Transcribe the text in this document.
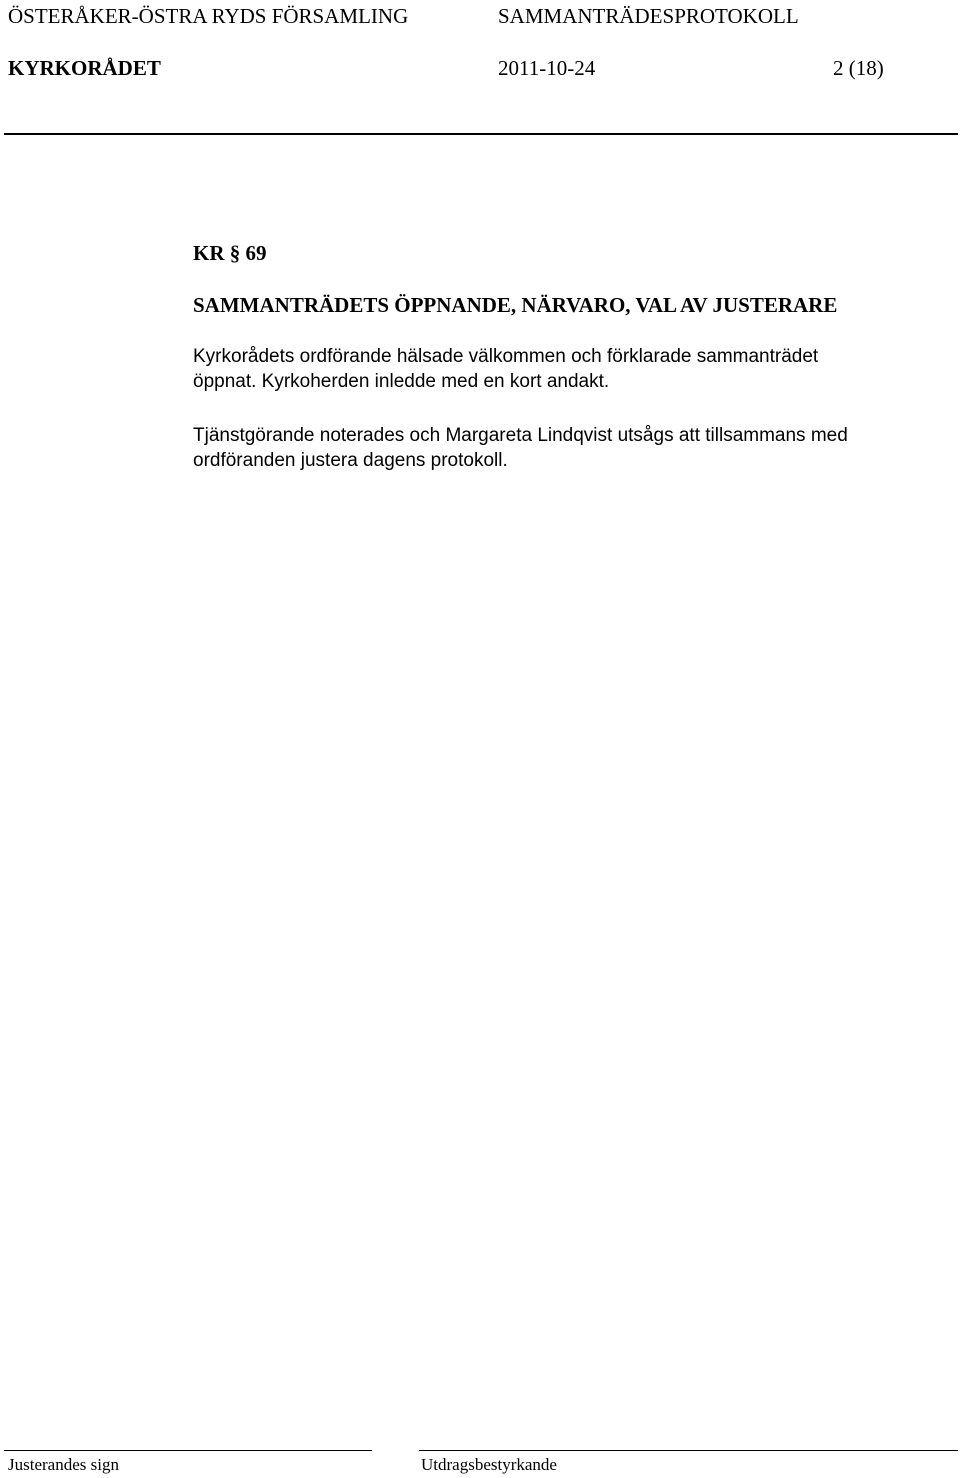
ÖSTERÅKER-ÖSTRA RYDS FÖRSAMLING	SAMMANTRÄDESPROTOKOLL
KYRKORÅDET	2011-10-24	2 (18)
KR § 69
SAMMANTRÄDETS ÖPPNANDE, NÄRVARO, VAL AV JUSTERARE
Kyrkorådets ordförande hälsade välkommen och förklarade sammanträdet
öppnat. Kyrkoherden inledde med en kort andakt.
Tjänstgörande noterades och Margareta Lindqvist utsågs att tillsammans med
ordföranden justera dagens protokoll.
Justerandes sign	Utdragsbestyrkande
